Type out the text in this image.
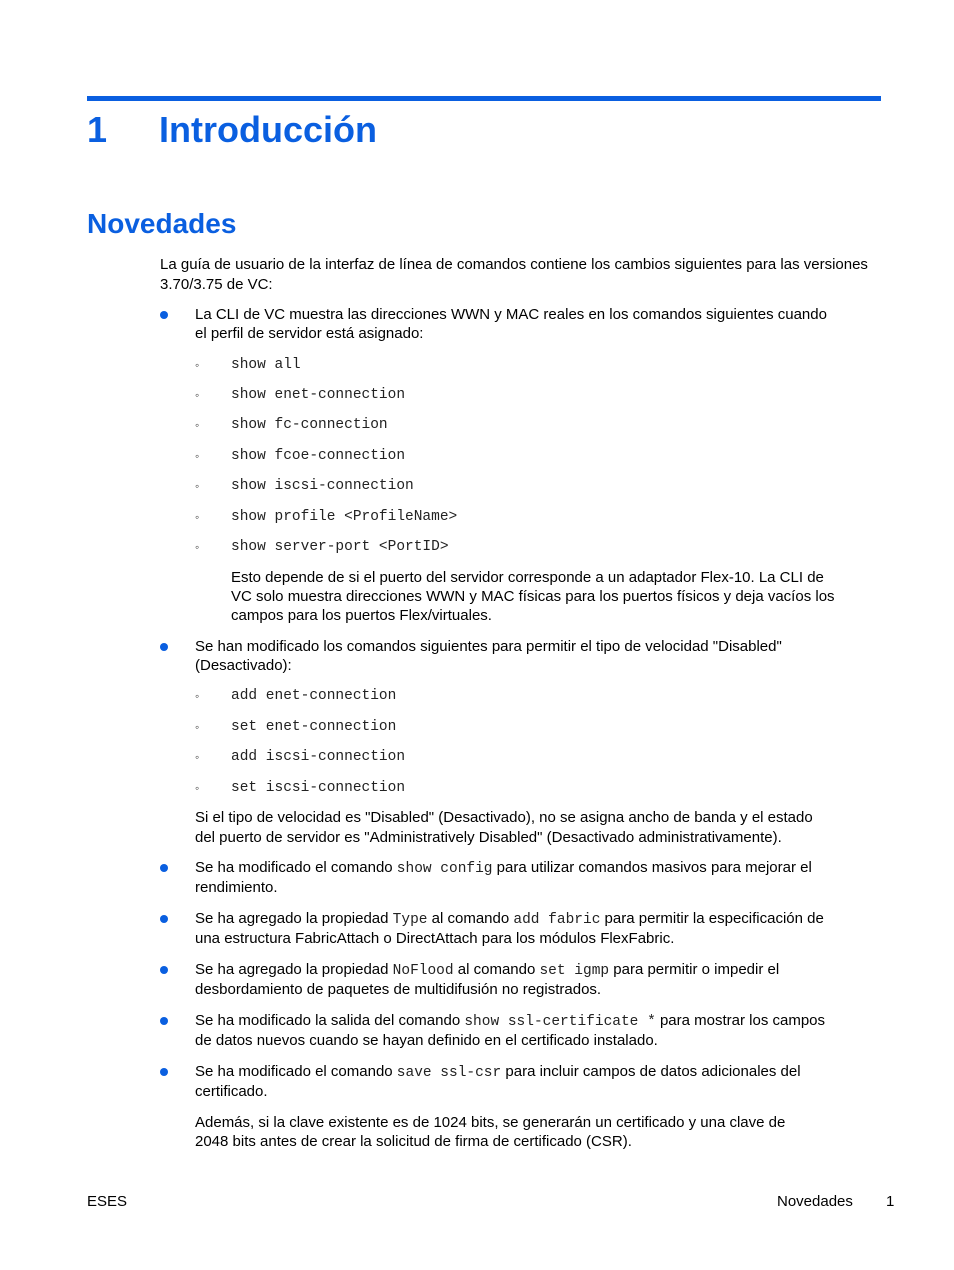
1 Introducción
Novedades
La guía de usuario de la interfaz de línea de comandos contiene los cambios siguientes para las versiones 3.70/3.75 de VC:
La CLI de VC muestra las direcciones WWN y MAC reales en los comandos siguientes cuando
el perfil de servidor está asignado:
◦ show all
◦ show enet-connection
◦ show fc-connection
◦ show fcoe-connection
◦ show iscsi-connection
◦ show profile <ProfileName>
◦ show server-port <PortID>
Esto depende de si el puerto del servidor corresponde a un adaptador Flex-10. La CLI de
VC solo muestra direcciones WWN y MAC físicas para los puertos físicos y deja vacíos los
campos para los puertos Flex/virtuales.
Se han modificado los comandos siguientes para permitir el tipo de velocidad "Disabled"
(Desactivado):
◦ add enet-connection
◦ set enet-connection
◦ add iscsi-connection
◦ set iscsi-connection
Si el tipo de velocidad es "Disabled" (Desactivado), no se asigna ancho de banda y el estado
del puerto de servidor es "Administratively Disabled" (Desactivado administrativamente).
Se ha modificado el comando show config para utilizar comandos masivos para mejorar el
rendimiento.
Se ha agregado la propiedad Type al comando add fabric para permitir la especificación de
una estructura FabricAttach o DirectAttach para los módulos FlexFabric.
Se ha agregado la propiedad NoFlood al comando set igmp para permitir o impedir el
desbordamiento de paquetes de multidifusión no registrados.
Se ha modificado la salida del comando show ssl-certificate * para mostrar los campos
de datos nuevos cuando se hayan definido en el certificado instalado.
Se ha modificado el comando save ssl-csr para incluir campos de datos adicionales del
certificado.
Además, si la clave existente es de 1024 bits, se generarán un certificado y una clave de
2048 bits antes de crear la solicitud de firma de certificado (CSR).
ESES	Novedades 1
